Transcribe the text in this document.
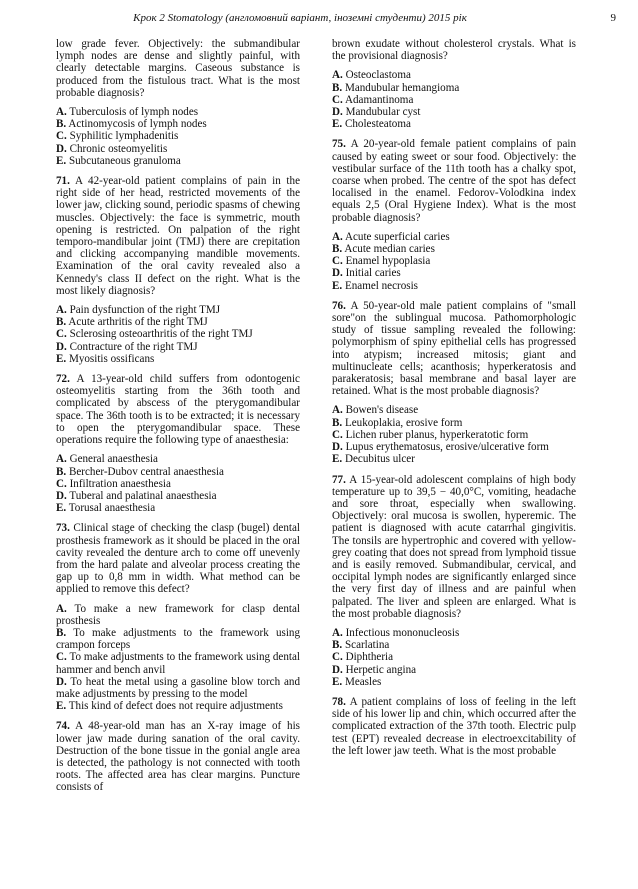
Крок 2 Stomatology (англомовний варіант, іноземні студенти) 2015 рік	9

low grade fever. Objectively: the submandibular lymph nodes are dense and slightly painful, with clearly detectable margins. Caseous substance is produced from the fistulous tract. What is the most probable diagnosis?

A. Tuberculosis of lymph nodes
B. Actinomycosis of lymph nodes
C. Syphilitic lymphadenitis
D. Chronic osteomyelitis
E. Subcutaneous granuloma

71. A 42-year-old patient complains of pain in the right side of her head, restricted movements of the lower jaw, clicking sound, periodic spasms of chewing muscles. Objectively: the face is symmetric, mouth opening is restricted. On palpation of the right temporo-mandibular joint (TMJ) there are crepitation and clicking accompanying mandible movements. Examination of the oral cavity revealed also a Kennedy's class II defect on the right. What is the most likely diagnosis?

A. Pain dysfunction of the right TMJ
B. Acute arthritis of the right TMJ
C. Sclerosing osteoarthritis of the right TMJ
D. Contracture of the right TMJ
E. Myositis ossificans

72. A 13-year-old child suffers from odontogenic osteomyelitis starting from the 36th tooth and complicated by abscess of the pterygomandibular space. The 36th tooth is to be extracted; it is necessary to open the pterygomandibular space. These operations require the following type of anaesthesia:

A. General anaesthesia
B. Bercher-Dubov central anaesthesia
C. Infiltration anaesthesia
D. Tuberal and palatinal anaesthesia
E. Torusal anaesthesia

73. Clinical stage of checking the clasp (bugel) dental prosthesis framework as it should be placed in the oral cavity revealed the denture arch to come off unevenly from the hard palate and alveolar process creating the gap up to 0,8 mm in width. What method can be applied to remove this defect?

A. To make a new framework for clasp dental prosthesis
B. To make adjustments to the framework using crampon forceps
C. To make adjustments to the framework using dental hammer and bench anvil
D. To heat the metal using a gasoline blow torch and make adjustments by pressing to the model
E. This kind of defect does not require adjustments

74. A 48-year-old man has an X-ray image of his lower jaw made during sanation of the oral cavity. Destruction of the bone tissue in the gonial angle area is detected, the pathology is not connected with tooth roots. The affected area has clear margins. Puncture consists of

brown exudate without cholesterol crystals. What is the provisional diagnosis?

A. Osteoclastoma
B. Mandubular hemangioma
C. Adamantinoma
D. Mandubular cyst
E. Cholesteatoma

75. A 20-year-old female patient complains of pain caused by eating sweet or sour food. Objectively: the vestibular surface of the 11th tooth has a chalky spot, coarse when probed. The centre of the spot has defect localised in the enamel. Fedorov-Volodkina index equals 2,5 (Oral Hygiene Index). What is the most probable diagnosis?

A. Acute superficial caries
B. Acute median caries
C. Enamel hypoplasia
D. Initial caries
E. Enamel necrosis

76. A 50-year-old male patient complains of "small sore"on the sublingual mucosa. Pathomorphologic study of tissue sampling revealed the following: polymorphism of spiny epithelial cells has progressed into atypism; increased mitosis; giant and multinucleate cells; acanthosis; hyperkeratosis and parakeratosis; basal membrane and basal layer are retained. What is the most probable diagnosis?

A. Bowen's disease
B. Leukoplakia, erosive form
C. Lichen ruber planus, hyperkeratotic form
D. Lupus erythematosus, erosive/ulcerative form
E. Decubitus ulcer

77. A 15-year-old adolescent complains of high body temperature up to 39,5 − 40,0°C, vomiting, headache and sore throat, especially when swallowing. Objectively: oral mucosa is swollen, hyperemic. The patient is diagnosed with acute catarrhal gingivitis. The tonsils are hypertrophic and covered with yellow-grey coating that does not spread from lymphoid tissue and is easily removed. Submandibular, cervical, and occipital lymph nodes are significantly enlarged since the very first day of illness and are painful when palpated. The liver and spleen are enlarged. What is the most probable diagnosis?

A. Infectious mononucleosis
B. Scarlatina
C. Diphtheria
D. Herpetic angina
E. Measles

78. A patient complains of loss of feeling in the left side of his lower lip and chin, which occurred after the complicated extraction of the 37th tooth. Electric pulp test (EPT) revealed decrease in electroexcitability of the left lower jaw teeth. What is the most probable
